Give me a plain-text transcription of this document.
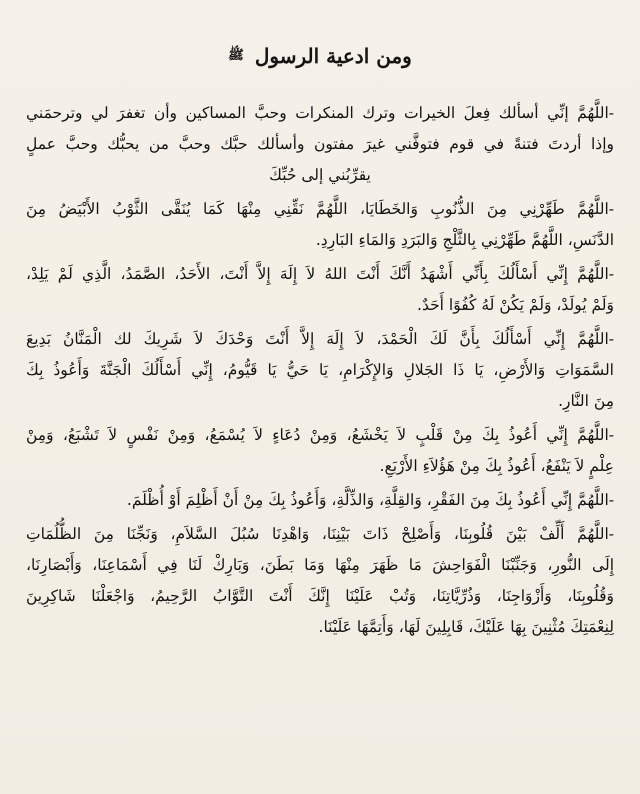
ومن ادعية الرسول $^ﷺ$
-اللَّهُمَّ إنِّي أسألك فِعلَ الخيرات وترك المنكرات وحبَّ المساكين وأن تغفرَ لي وترحمَني
وإذا أردتَ فتنةً في قوم فتوفَّني غيرَ مفتون وأسألك حبَّك وحبَّ من يحبُّك وحبَّ عملٍ
يقرِّبُني إلى حُبِّكَ
-اللَّهُمَّ طَهِّرْنِي مِنَ الذُّنُوبِ وَالخَطَايَا، اللَّهُمَّ نَقِّنِي مِنْهَا كَمَا يُنَقَّى الثَّوْبُ الأَبْيَضُ مِنَ
الدَّنَسِ، اللَّهُمَّ طَهِّرْنِي بِالثَّلْجِ وَالبَرَدِ وَالمَاءِ البَارِدِ.
-اللَّهُمَّ إِنِّي أَسْأَلُكَ بِأَنِّي أَشْهَدُ أَنَّكَ أَنْتَ اللهُ لاَ إِلَهَ إِلاَّ أَنْتَ، الأَحَدُ، الصَّمَدُ، الَّذِي لَمْ يَلِدْ،
وَلَمْ يُولَدْ، وَلَمْ يَكُنْ لَهُ كُفُوًا أَحَدٌ.
-اللَّهُمَّ إِنِّي أَسْأَلُكَ بِأَنَّ لَكَ الْحَمْدَ، لاَ إِلَهَ إِلاَّ أَنْتَ وَحْدَكَ لاَ شَرِيكَ لك الْمَنَّانُ بَدِيعَ
السَّمَوَاتِ وَالأَرْضِ، يَا ذَا الجَلالِ وَالإِكْرَامِ، يَا حَيُّ يَا قَيُّومُ، إِنِّي أَسْأَلُكَ الْجَنَّةَ وَأَعُوذُ بِكَ
مِنَ النَّارِ.
-اللَّهُمَّ إِنِّي أَعُوذُ بِكَ مِنْ قَلْبٍ لاَ يَخْشَعُ، وَمِنْ دُعَاءٍ لاَ يُسْمَعُ، وَمِنْ نَفْسٍ لاَ تَشْبَعُ، وَمِنْ
عِلْمٍ لاَ يَنْفَعُ، أَعُوذُ بِكَ مِنْ هَؤُلاَءِ الأَرْبَعِ.
-اللَّهُمَّ إِنِّي أَعُوذُ بِكَ مِنَ الفَقْرِ، وَالقِلَّةِ، وَالذِّلَّةِ، وَأَعُوذُ بِكَ مِنْ أَنْ أَظْلِمَ أَوْ أُظْلَمَ.
-اللَّهُمَّ أَلِّفْ بَيْنَ قُلُوبِنَا، وَأَصْلِحْ ذَاتَ بَيْنِنَا، وَاهْدِنَا سُبُلَ السَّلاَمِ، وَنَجِّنَا مِنَ الظُّلُمَاتِ
إِلَى النُّورِ، وَجَنِّبْنَا الْفَوَاحِشَ مَا ظَهَرَ مِنْهَا وَمَا بَطَنَ، وَبَارِكْ لَنَا فِي أَسْمَاعِنَا، وَأَبْصَارِنَا،
وَقُلُوبِنَا، وَأَزْوَاجِنَا، وَذُرِّيَّاتِنَا، وَتُبْ عَلَيْنَا إِنَّكَ أَنْتَ التَّوَّابُ الرَّحِيمُ، وَاجْعَلْنَا شَاكِرِينَ
لِنِعْمَتِكَ مُثْنِينَ بِهَا عَلَيْكَ، قَابِلِينَ لَهَا، وَأَتِمَّهَا عَلَيْنَا.
